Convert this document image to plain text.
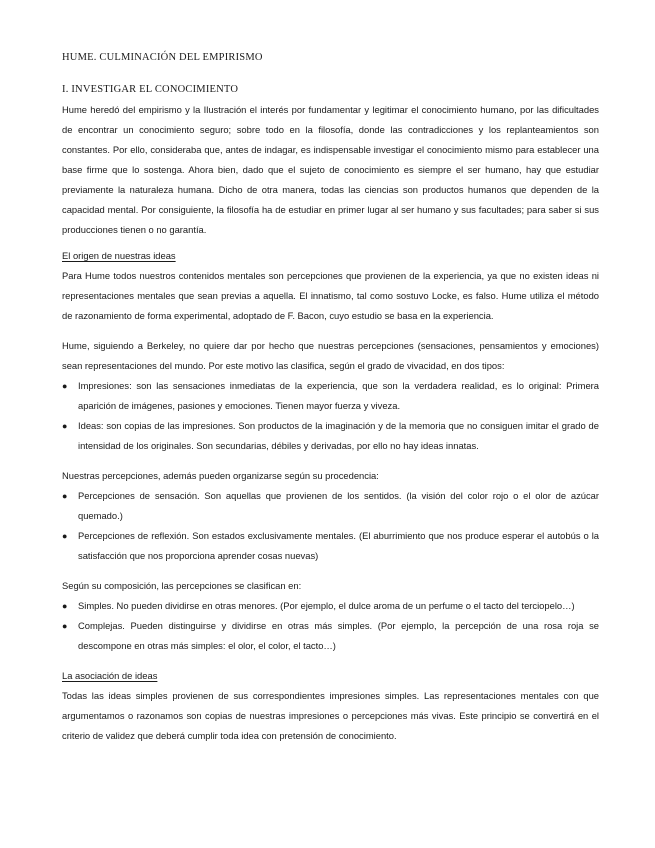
HUME. CULMINACIÓN DEL EMPIRISMO
I. INVESTIGAR EL CONOCIMIENTO

Hume heredó del empirismo y la Ilustración el interés por fundamentar y legitimar el conocimiento humano, por las dificultades de encontrar un conocimiento seguro; sobre todo en la filosofía, donde las contradicciones y los replanteamientos son constantes. Por ello, consideraba que, antes de indagar, es indispensable investigar el conocimiento mismo para establecer una base firme que lo sostenga. Ahora bien, dado que el sujeto de conocimiento es siempre el ser humano, hay que estudiar previamente la naturaleza humana. Dicho de otra manera, todas las ciencias son productos humanos que dependen de la capacidad mental. Por consiguiente, la filosofía ha de estudiar en primer lugar al ser humano y sus facultades; para saber si sus producciones tienen o no garantía.

El origen de nuestras ideas

Para Hume todos nuestros contenidos mentales son percepciones que provienen de la experiencia, ya que no existen ideas ni representaciones mentales que sean previas a aquella. El innatismo, tal como sostuvo Locke, es falso. Hume utiliza el método de razonamiento de forma experimental, adoptado de F. Bacon, cuyo estudio se basa en la experiencia.

Hume, siguiendo a Berkeley, no quiere dar por hecho que nuestras percepciones (sensaciones, pensamientos y emociones) sean representaciones del mundo. Por este motivo las clasifica, según el grado de vivacidad, en dos tipos:

● Impresiones: son las sensaciones inmediatas de la experiencia, que son la verdadera realidad, es lo original: Primera aparición de imágenes, pasiones y emociones. Tienen mayor fuerza y viveza.
● Ideas: son copias de las impresiones. Son productos de la imaginación y de la memoria que no consiguen imitar el grado de intensidad de los originales. Son secundarias, débiles y derivadas, por ello no hay ideas innatas.

Nuestras percepciones, además pueden organizarse según su procedencia:

● Percepciones de sensación. Son aquellas que provienen de los sentidos. (la visión del color rojo o el olor de azúcar quemado.)
● Percepciones de reflexión. Son estados exclusivamente mentales. (El aburrimiento que nos produce esperar el autobús o la satisfacción que nos proporciona aprender cosas nuevas)

Según su composición, las percepciones se clasifican en:

● Simples. No pueden dividirse en otras menores. (Por ejemplo, el dulce aroma de un perfume o el tacto del terciopelo…)
● Complejas. Pueden distinguirse y dividirse en otras más simples. (Por ejemplo, la percepción de una rosa roja se descompone en otras más simples: el olor, el color, el tacto…)
La asociación de ideas

Todas las ideas simples provienen de sus correspondientes impresiones simples. Las representaciones mentales con que argumentamos o razonamos son copias de nuestras impresiones o percepciones más vivas. Este principio se convertirá en el criterio de validez que deberá cumplir toda idea con pretensión de conocimiento.
